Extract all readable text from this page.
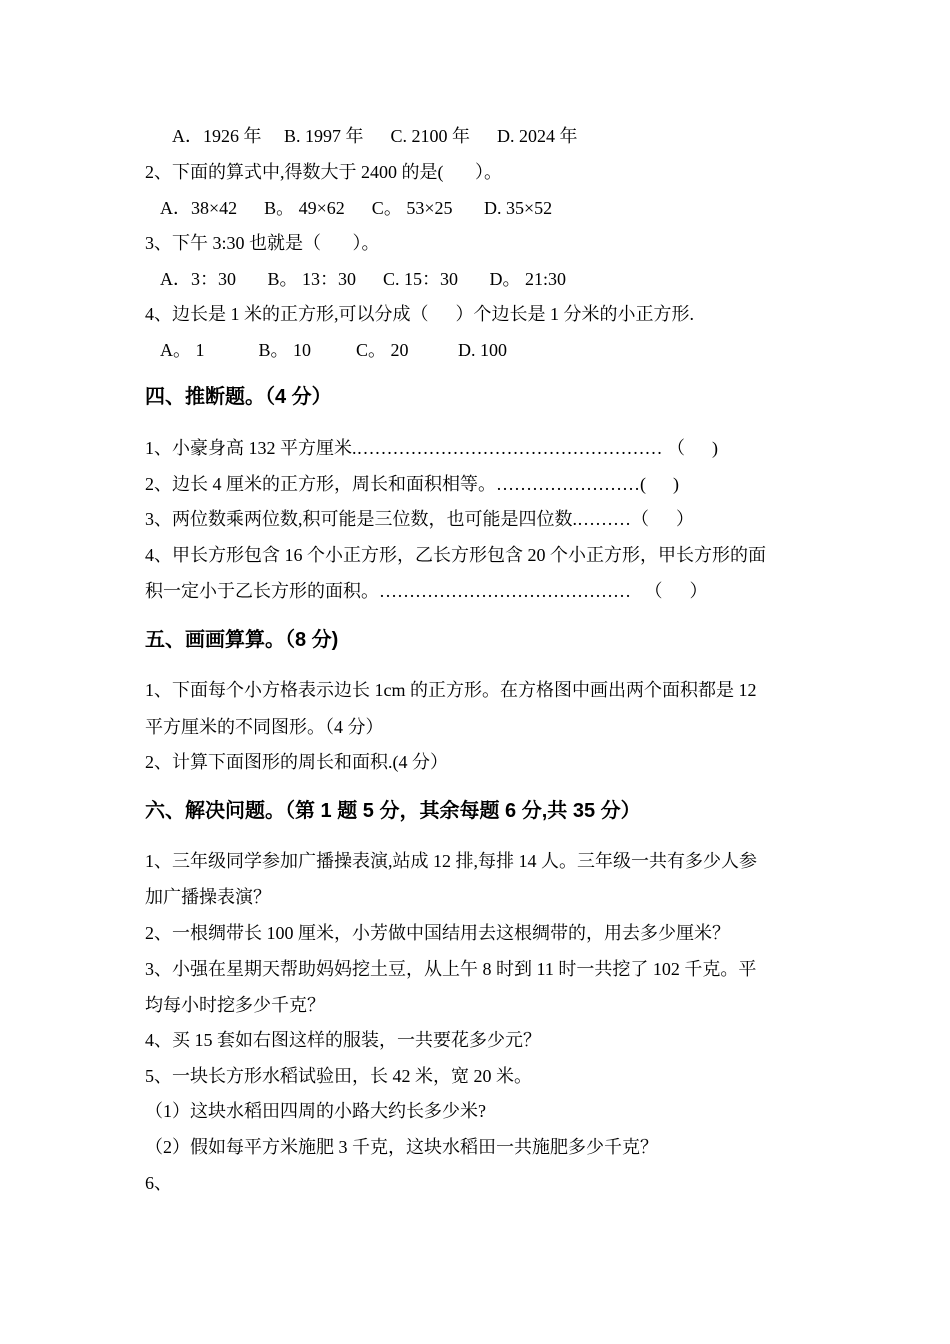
A．1926 年     B. 1997 年      C. 2100 年      D. 2024 年
2、下面的算式中,得数大于 2400 的是(       ）。
A．38×42      B。 49×62      C。 53×25       D. 35×52
3、下午 3:30 也就是（       ）。
A．3：30       B。 13：30      C. 15：30       D。 21:30
4、边长是 1 米的正方形,可以分成（      ）个边长是 1 分米的小正方形.
A。 1            B。 10          C。 20           D. 100
四、推断题。（4 分）
1、小豪身高 132 平方厘米.…………………………………………… （      )
2、边长 4 厘米的正方形，周长和面积相等。……………………(      )
3、两位数乘两位数,积可能是三位数，也可能是四位数.………（      ）
4、甲长方形包含 16 个小正方形，乙长方形包含 20 个小正方形，甲长方形的面
积一定小于乙长方形的面积。……………………………………   （      ）
五、画画算算。（8 分)
1、下面每个小方格表示边长 1cm 的正方形。在方格图中画出两个面积都是 12
平方厘米的不同图形。（4 分）
2、计算下面图形的周长和面积.(4 分）
六、解决问题。（第 1 题 5 分，其余每题 6 分,共 35 分）
1、三年级同学参加广播操表演,站成 12 排,每排 14 人。三年级一共有多少人参
加广播操表演？
2、一根绸带长 100 厘米，小芳做中国结用去这根绸带的，用去多少厘米？
3、小强在星期天帮助妈妈挖土豆，从上午 8 时到 11 时一共挖了 102 千克。平
均每小时挖多少千克？
4、买 15 套如右图这样的服装，一共要花多少元？
5、一块长方形水稻试验田，长 42 米，宽 20 米。
（1）这块水稻田四周的小路大约长多少米?
（2）假如每平方米施肥 3 千克，这块水稻田一共施肥多少千克？
6、
